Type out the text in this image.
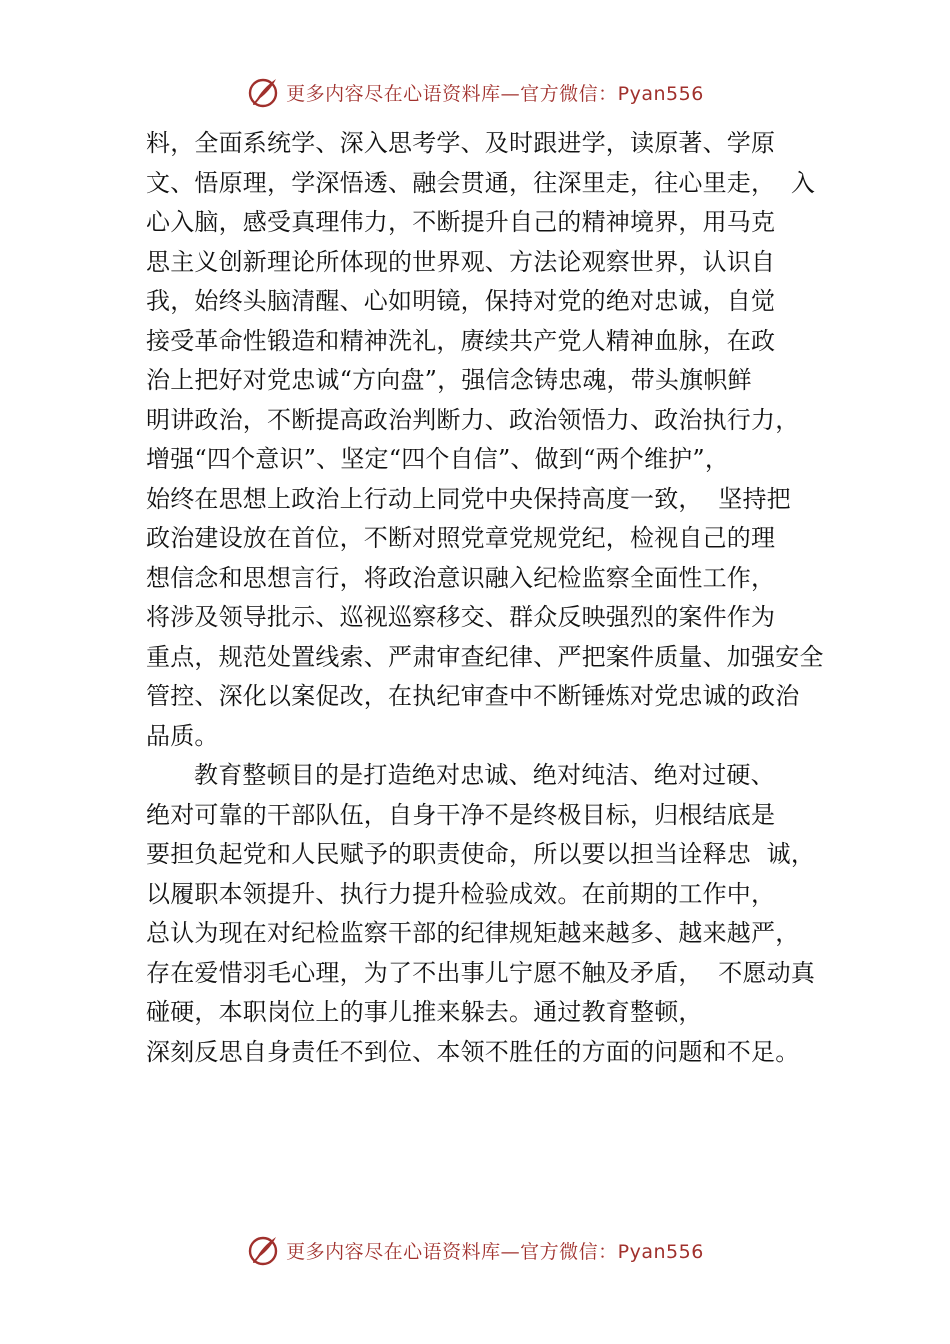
更多内容尽在心语资料库—官方微信：Pyan556
料，全面系统学、深入思考学、及时跟进学，读原著、学原
文、悟原理，学深悟透、融会贯通，往深里走，往心里走，  入
心入脑，感受真理伟力，不断提升自己的精神境界，用马克
思主义创新理论所体现的世界观、方法论观察世界，认识自
我，始终头脑清醒、心如明镜，保持对党的绝对忠诚，自觉
接受革命性锻造和精神洗礼，赓续共产党人精神血脉，在政
治上把好对党忠诚“方向盘”，强信念铸忠魂，带头旗帜鲜
明讲政治，不断提高政治判断力、政治领悟力、政治执行力，
增强“四个意识”、坚定“四个自信”、做到“两个维护”，
始终在思想上政治上行动上同党中央保持高度一致，  坚持把
政治建设放在首位，不断对照党章党规党纪，检视自己的理
想信念和思想言行，将政治意识融入纪检监察全面性工作，
将涉及领导批示、巡视巡察移交、群众反映强烈的案件作为
重点，规范处置线索、严肃审查纪律、严把案件质量、加强安全
管控、深化以案促改，在执纪审查中不断锤炼对党忠诚的政治
品质。
教育整顿目的是打造绝对忠诚、绝对纯洁、绝对过硬、
绝对可靠的干部队伍，自身干净不是终极目标，归根结底是
要担负起党和人民赋予的职责使命，所以要以担当诠释忠  诚，
以履职本领提升、执行力提升检验成效。在前期的工作中，
总认为现在对纪检监察干部的纪律规矩越来越多、越来越严，
存在爱惜羽毛心理，为了不出事儿宁愿不触及矛盾，  不愿动真
碰硬，本职岗位上的事儿推来躲去。通过教育整顿，
深刻反思自身责任不到位、本领不胜任的方面的问题和不足。
更多内容尽在心语资料库—官方微信：Pyan556
